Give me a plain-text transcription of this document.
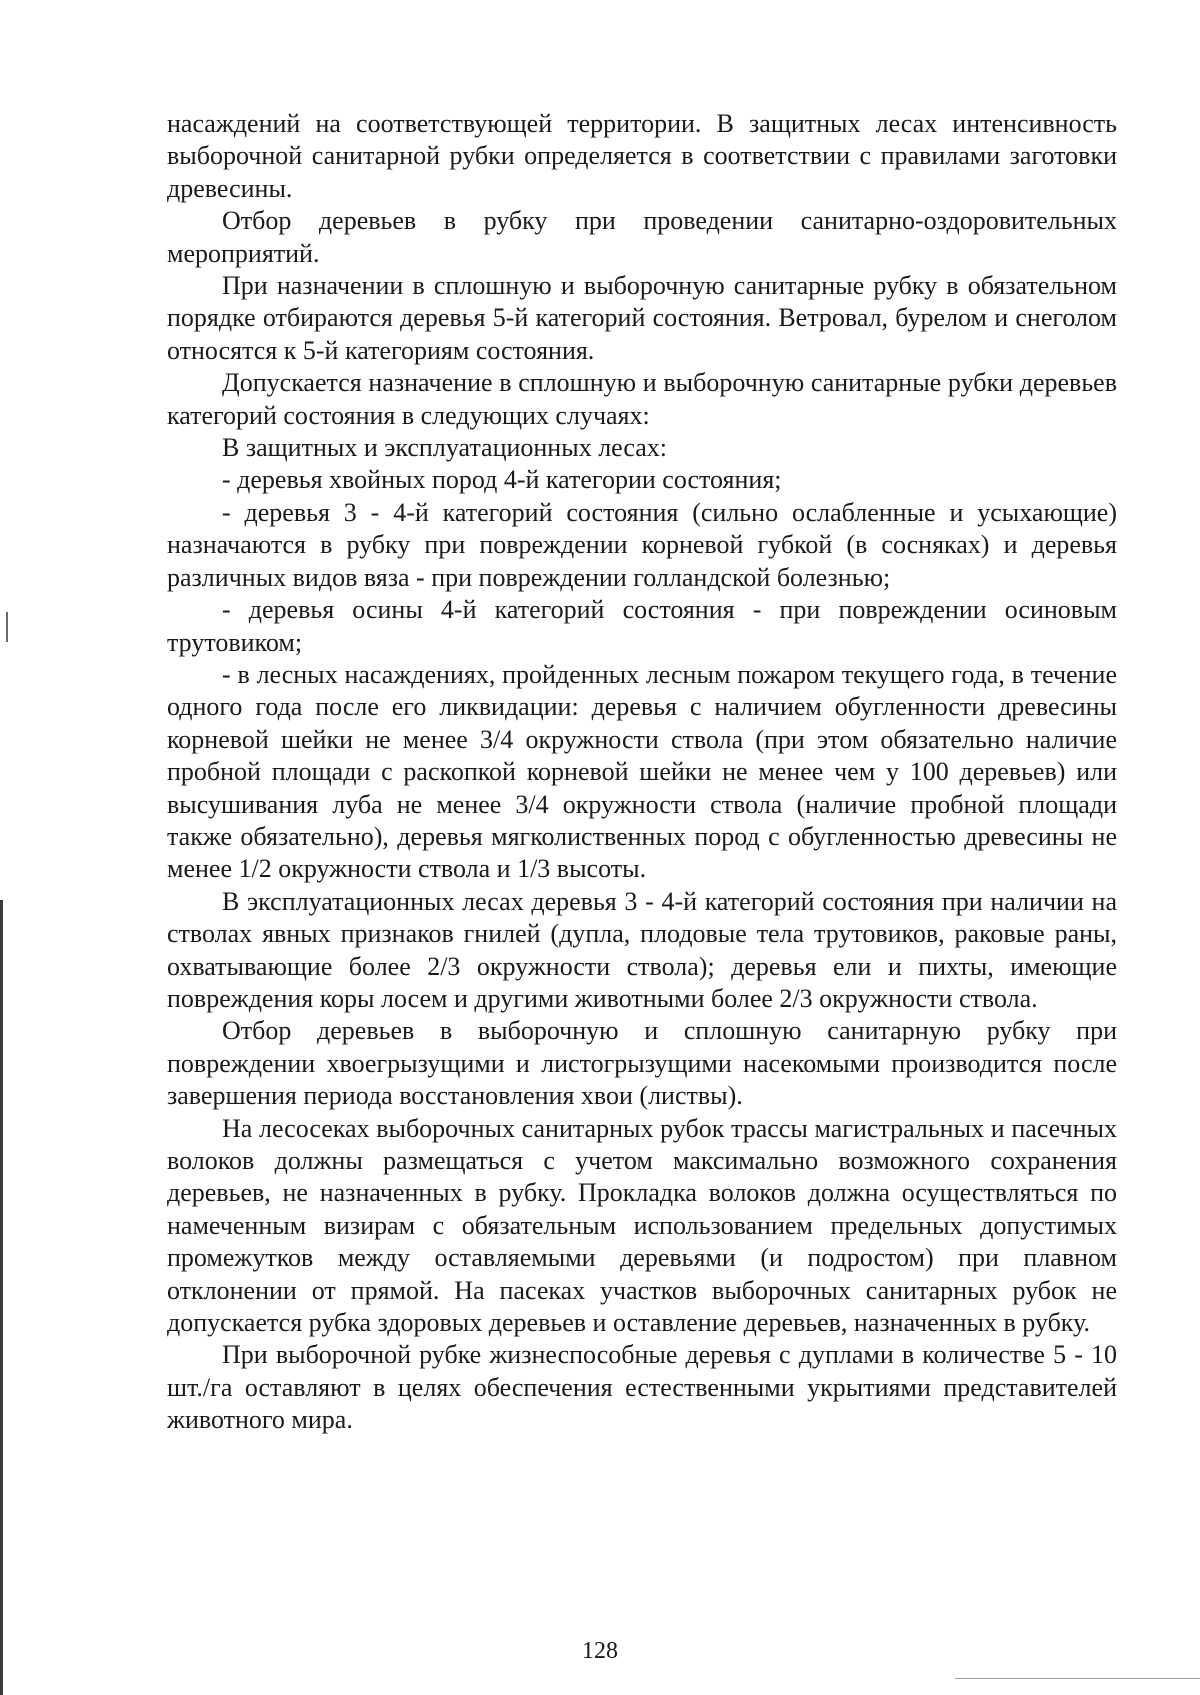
насаждений на соответствующей территории. В защитных лесах интенсивность выборочной санитарной рубки определяется в соответствии с правилами заготовки древесины.

Отбор деревьев в рубку при проведении санитарно-оздоровительных мероприятий.

При назначении в сплошную и выборочную санитарные рубку в обязательном порядке отбираются деревья 5-й категорий состояния. Ветровал, бурелом и снеголом относятся к 5-й категориям состояния.

Допускается назначение в сплошную и выборочную санитарные рубки деревьев категорий состояния в следующих случаях:

В защитных и эксплуатационных лесах:

- деревья хвойных пород 4-й категории состояния;

- деревья 3 - 4-й категорий состояния (сильно ослабленные и усыхающие) назначаются в рубку при повреждении корневой губкой (в сосняках) и деревья различных видов вяза - при повреждении голландской болезнью;

- деревья осины 4-й категорий состояния - при повреждении осиновым трутовиком;

- в лесных насаждениях, пройденных лесным пожаром текущего года, в течение одного года после его ликвидации: деревья с наличием обугленности древесины корневой шейки не менее 3/4 окружности ствола (при этом обязательно наличие пробной площади с раскопкой корневой шейки не менее чем у 100 деревьев) или высушивания луба не менее 3/4 окружности ствола (наличие пробной площади также обязательно), деревья мягколиственных пород с обугленностью древесины не менее 1/2 окружности ствола и 1/3 высоты.

В эксплуатационных лесах деревья 3 - 4-й категорий состояния при наличии на стволах явных признаков гнилей (дупла, плодовые тела трутовиков, раковые раны, охватывающие более 2/3 окружности ствола); деревья ели и пихты, имеющие повреждения коры лосем и другими животными более 2/3 окружности ствола.

Отбор деревьев в выборочную и сплошную санитарную рубку при повреждении хвоегрызущими и листогрызущими насекомыми производится после завершения периода восстановления хвои (листвы).

На лесосеках выборочных санитарных рубок трассы магистральных и пасечных волоков должны размещаться с учетом максимально возможного сохранения деревьев, не назначенных в рубку. Прокладка волоков должна осуществляться по намеченным визирам с обязательным использованием предельных допустимых промежутков между оставляемыми деревьями (и подростом) при плавном отклонении от прямой. На пасеках участков выборочных санитарных рубок не допускается рубка здоровых деревьев и оставление деревьев, назначенных в рубку.

При выборочной рубке жизнеспособные деревья с дуплами в количестве 5 - 10 шт./га оставляют в целях обеспечения естественными укрытиями представителей животного мира.

128
